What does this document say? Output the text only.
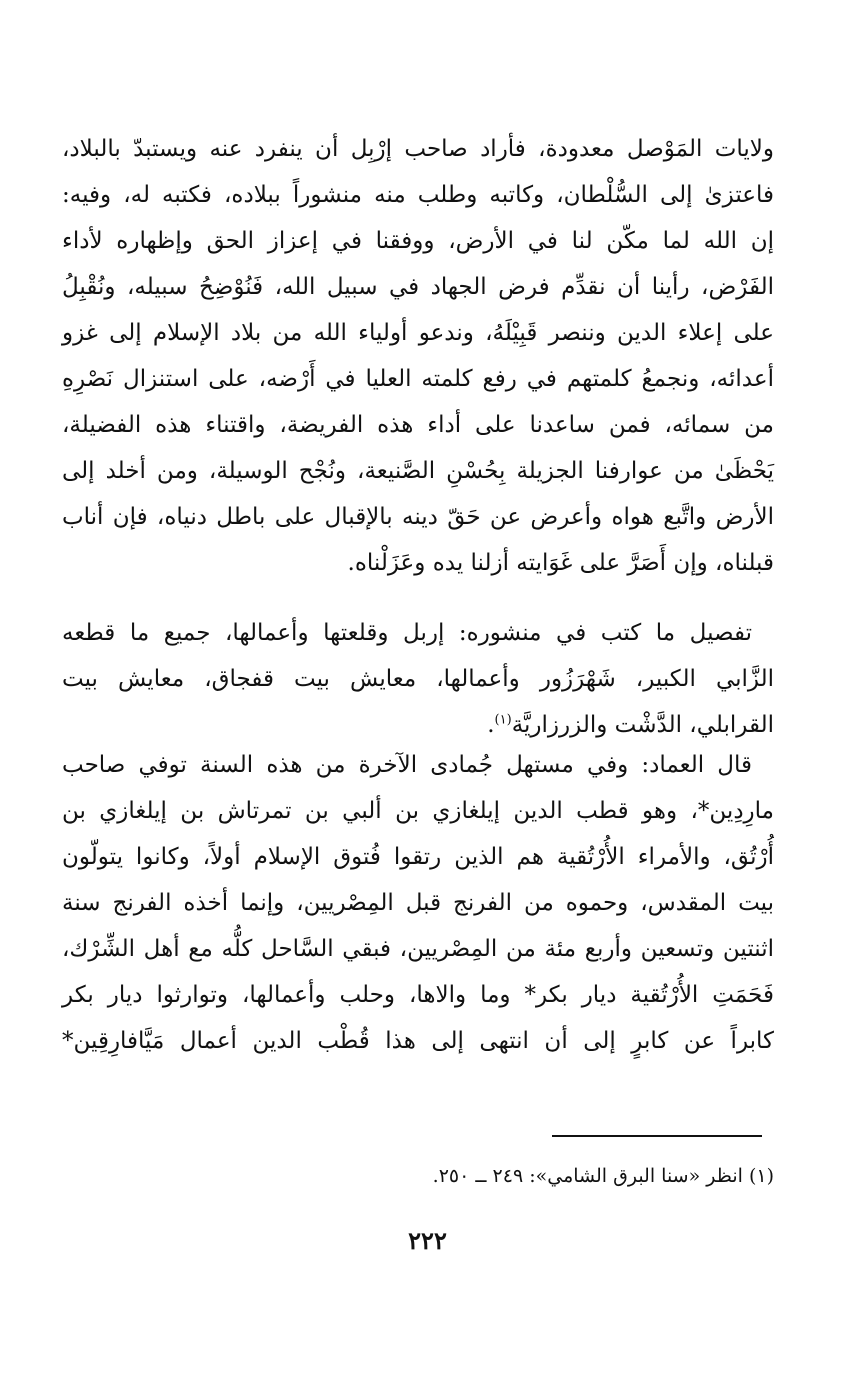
ولايات المَوْصل معدودة، فأراد صاحب إرْبِل أن ينفرد عنه ويستبدّ بالبلاد،
فاعتزىٰ إلى السُّلْطان، وكاتبه وطلب منه منشوراً ببلاده، فكتبه له، وفيه:
إن الله لما مكّن لنا في الأرض، ووفقنا في إعزاز الحق وإظهاره لأداء
الفَرْض، رأينا أن نقدِّم فرض الجهاد في سبيل الله، فَنُوْضِحُ سبيله، ونُقْبِلُ
على إعلاء الدين وننصر قَبِيْلَهُ، وندعو أولياء الله من بلاد الإسلام إلى غزو
أعدائه، ونجمعُ كلمتهم في رفع كلمته العليا في أَرْضه، على استنزال نَصْرِهِ
من سمائه، فمن ساعدنا على أداء هذه الفريضة، واقتناء هذه الفضيلة،
يَحْظَىٰ من عوارفنا الجزيلة بِحُسْنِ الصَّنيعة، ونُجْح الوسيلة، ومن أخلد إلى
الأرض واتَّبع هواه وأعرض عن حَقّ دينه بالإقبال على باطل دنياه، فإن أناب
قبلناه، وإن أَصَرَّ على غَوَايته أزلنا يده وعَزَلْناه.
تفصيل ما كتب في منشوره: إربل وقلعتها وأعمالها، جميع ما قطعه
الزَّابي الكبير، شَهْرَزُور وأعمالها، معايش بيت قفجاق، معايش بيت
القرابلي، الدَّشْت والزرزاريَّة$^{(١)}$.
قال العماد: وفي مستهل جُمادى الآخرة من هذه السنة توفي صاحب
مارِدِين*، وهو قطب الدين إيلغازي بن ألبي بن تمرتاش بن إيلغازي بن
أُرْتُق، والأمراء الأُرْتُقية هم الذين رتقوا فُتوق الإسلام أولاً، وكانوا يتولّون
بيت المقدس، وحموه من الفرنج قبل المِصْريين، وإنما أخذه الفرنج سنة
اثنتين وتسعين وأربع مئة من المِصْريين، فبقي السَّاحل كلُّه مع أهل الشِّرْك،
فَحَمَتِ الأُرْتُقية ديار بكر* وما والاها، وحلب وأعمالها، وتوارثوا ديار بكر
كابراً عن كابرٍ إلى أن انتهى إلى هذا قُطْب الدين أعمال مَيَّافارِقِين*
(١) انظر «سنا البرق الشامي»: ٢٤٩ ــ ٢٥٠.
٢٢٢
